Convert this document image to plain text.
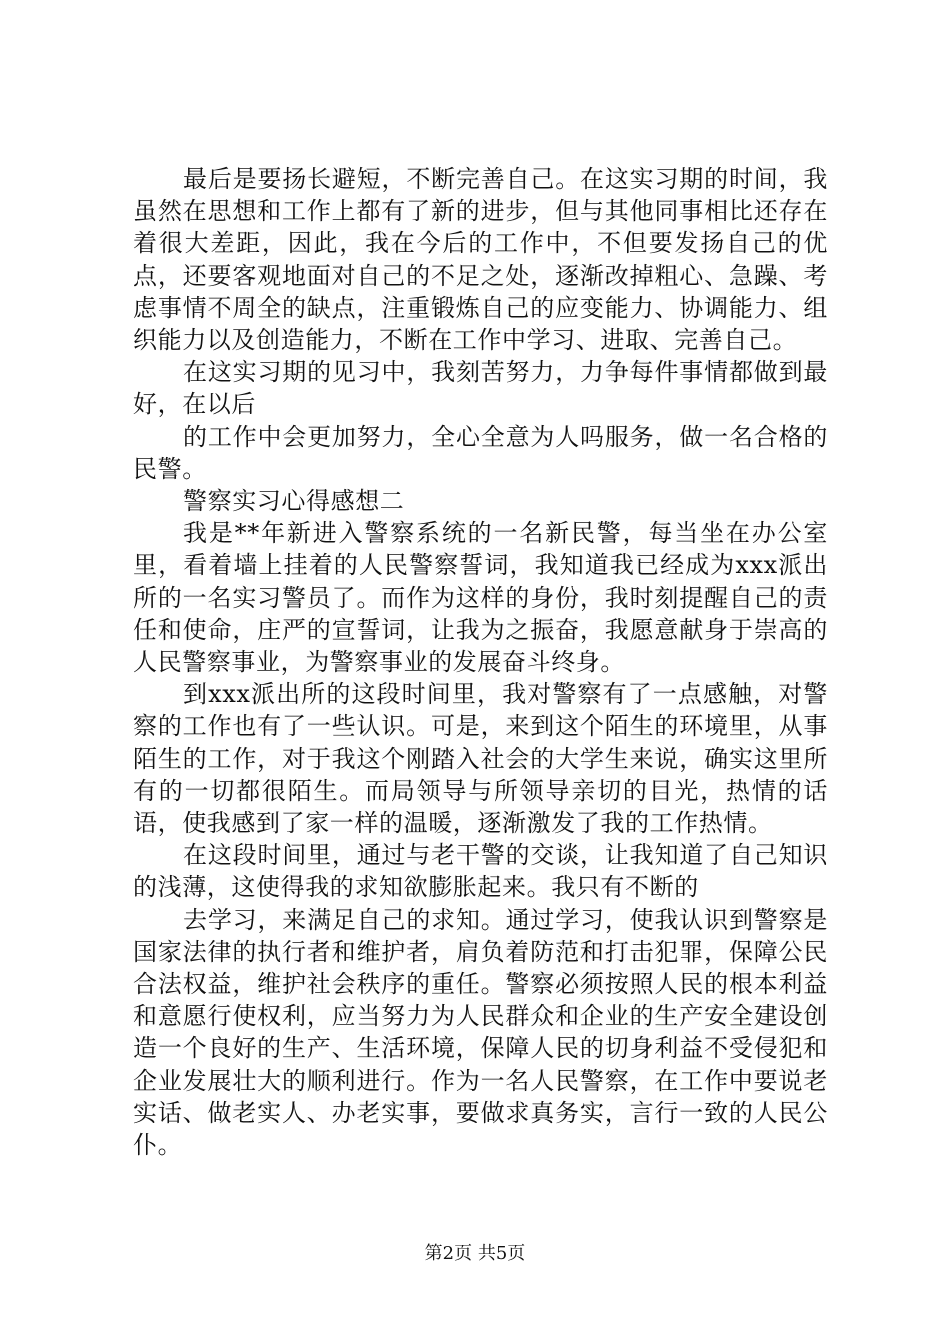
最后是要扬长避短，不断完善自己。在这实习期的时间，我虽然在思想和工作上都有了新的进步，但与其他同事相比还存在着很大差距，因此，我在今后的工作中，不但要发扬自己的优点，还要客观地面对自己的不足之处，逐渐改掉粗心、急躁、考虑事情不周全的缺点，注重锻炼自己的应变能力、协调能力、组织能力以及创造能力，不断在工作中学习、进取、完善自己。

在这实习期的见习中，我刻苦努力，力争每件事情都做到最好，在以后

的工作中会更加努力，全心全意为人吗服务，做一名合格的民警。

警察实习心得感想二

我是**年新进入警察系统的一名新民警，每当坐在办公室里，看着墙上挂着的人民警察誓词，我知道我已经成为xxx派出所的一名实习警员了。而作为这样的身份，我时刻提醒自己的责任和使命，庄严的宣誓词，让我为之振奋，我愿意献身于崇高的人民警察事业，为警察事业的发展奋斗终身。

到xxx派出所的这段时间里，我对警察有了一点感触，对警察的工作也有了一些认识。可是，来到这个陌生的环境里，从事陌生的工作，对于我这个刚踏入社会的大学生来说，确实这里所有的一切都很陌生。而局领导与所领导亲切的目光，热情的话语，使我感到了家一样的温暖，逐渐激发了我的工作热情。

在这段时间里，通过与老干警的交谈，让我知道了自己知识的浅薄，这使得我的求知欲膨胀起来。我只有不断的

去学习，来满足自己的求知。通过学习，使我认识到警察是国家法律的执行者和维护者，肩负着防范和打击犯罪，保障公民合法权益，维护社会秩序的重任。警察必须按照人民的根本利益和意愿行使权利，应当努力为人民群众和企业的生产安全建设创造一个良好的生产、生活环境，保障人民的切身利益不受侵犯和企业发展壮大的顺利进行。作为一名人民警察，在工作中要说老实话、做老实人、办老实事，要做求真务实，言行一致的人民公仆。

第2页 共5页
